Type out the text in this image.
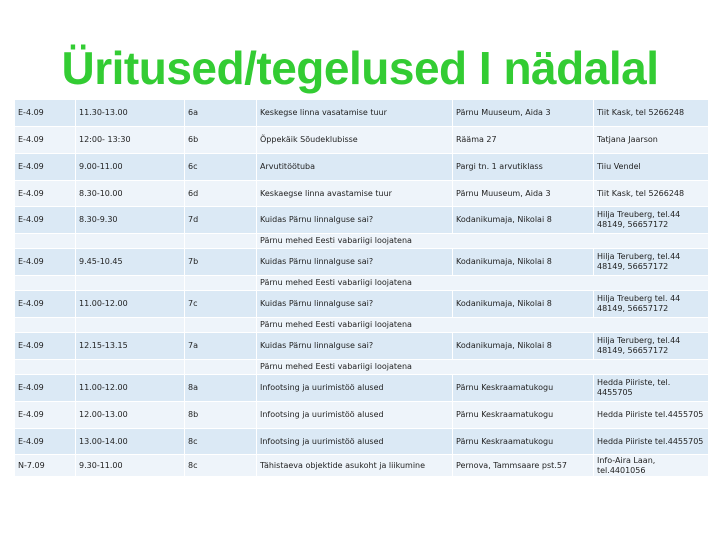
Üritused/tegelused I nädalal
E-4.09	11.30-13.00	6a	Keskegse linna vasatamise tuur	Pärnu Muuseum, Aida 3	Tiit Kask, tel 5266248
E-4.09	12:00- 13:30	6b	Õppekäik Sõudeklubisse	Rääma 27	Tatjana Jaarson
E-4.09	9.00-11.00	6c	Arvutitöötuba	Pargi tn. 1 arvutiklass	Tiiu Vendel
E-4.09	8.30-10.00	6d	Keskaegse linna avastamise tuur	Pärnu Muuseum, Aida 3	Tiit Kask, tel 5266248
E-4.09	8.30-9.30	7d	Kuidas Pärnu linnalguse sai?	Kodanikumaja, Nikolai 8	Hilja Treuberg, tel.44 48149, 56657172
			Pärnu mehed Eesti vabariigi loojatena		
E-4.09	9.45-10.45	7b	Kuidas Pärnu linnalguse sai?	Kodanikumaja, Nikolai 8	Hilja Teruberg, tel.44 48149, 56657172
			Pärnu mehed Eesti vabariigi loojatena		
E-4.09	11.00-12.00	7c	Kuidas Pärnu linnalguse sai?	Kodanikumaja, Nikolai 8	Hilja Treuberg tel. 44 48149, 56657172
			Pärnu mehed Eesti vabariigi loojatena		
E-4.09	12.15-13.15	7a	Kuidas Pärnu linnalguse sai?	Kodanikumaja, Nikolai 8	Hilja Teruberg, tel.44 48149, 56657172
			Pärnu mehed Eesti vabariigi loojatena		
E-4.09	11.00-12.00	8a	Infootsing ja uurimistöö alused	Pärnu Keskraamatukogu	Hedda Piiriste, tel. 4455705
E-4.09	12.00-13.00	8b	Infootsing ja uurimistöö alused	Pärnu Keskraamatukogu	Hedda Piiriste tel.4455705
E-4.09	13.00-14.00	8c	Infootsing ja uurimistöö alused	Pärnu Keskraamatukogu	Hedda Piiriste tel.4455705
N-7.09	9.30-11.00	8c	Tähistaeva objektide asukoht ja liikumine	Pernova, Tammsaare pst.57	Info-Aira Laan, tel.4401056
